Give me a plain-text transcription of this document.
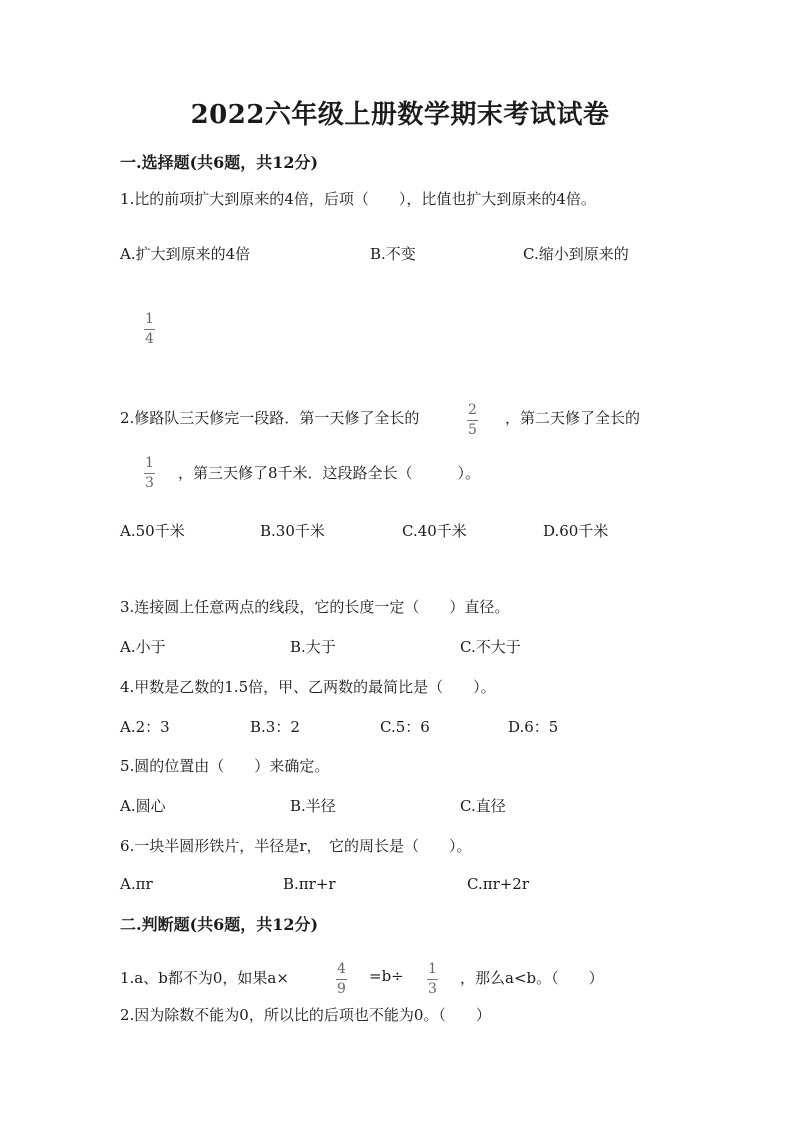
2022六年级上册数学期末考试试卷
一.选择题(共6题，共12分)
1.比的前项扩大到原来的4倍，后项（　　），比值也扩大到原来的4倍。
A.扩大到原来的4倍	B.不变	C.缩小到原来的
1
4
2.修路队三天修完一段路．第一天修了全长的	2
5
，第二天修了全长的
1
3
，第三天修了8千米．这段路全长（　　　）。
A.50千米	B.30千米	C.40千米	D.60千米
3.连接圆上任意两点的线段，它的长度一定（　　）直径。
A.小于	B.大于	C.不大于
4.甲数是乙数的1.5倍，甲、乙两数的最简比是（　　）。
A.2：3	B.3：2	C.5：6	D.6：5
5.圆的位置由（　　）来确定。
A.圆心	B.半径	C.直径
6.一块半圆形铁片，半径是r，　它的周长是（　　）。
A.πr	B.πr+r	C.πr+2r
二.判断题(共6题，共12分)
1.a、b都不为0，如果a×	4
9
=b÷ 1
3
，那么a<b。（　　）
2.因为除数不能为0，所以比的后项也不能为0。（　　）
